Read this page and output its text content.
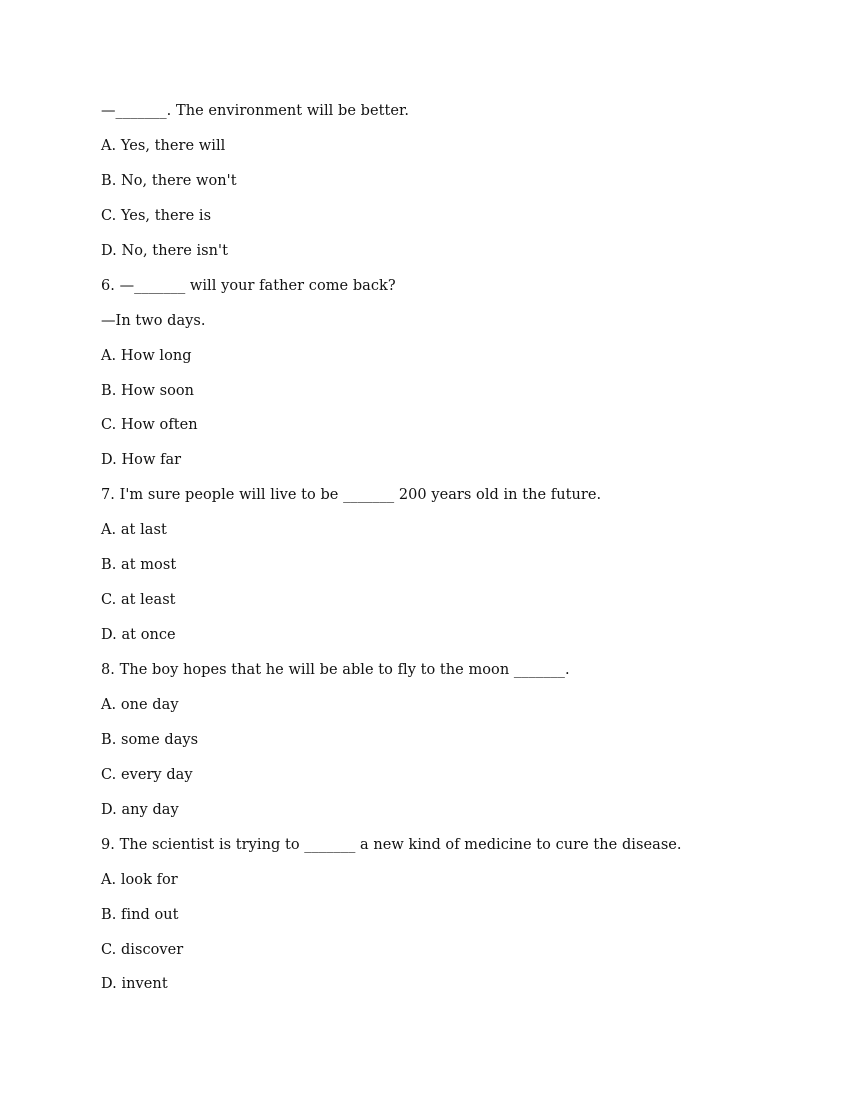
—_______. The environment will be better.
A. Yes, there will
B. No, there won't
C. Yes, there is
D. No, there isn't
6. —_______ will your father come back?
—In two days.
A. How long
B. How soon
C. How often
D. How far
7. I'm sure people will live to be _______ 200 years old in the future.
A. at last
B. at most
C. at least
D. at once
8. The boy hopes that he will be able to fly to the moon _______.
A. one day
B. some days
C. every day
D. any day
9. The scientist is trying to _______ a new kind of medicine to cure the disease.
A. look for
B. find out
C. discover
D. invent
